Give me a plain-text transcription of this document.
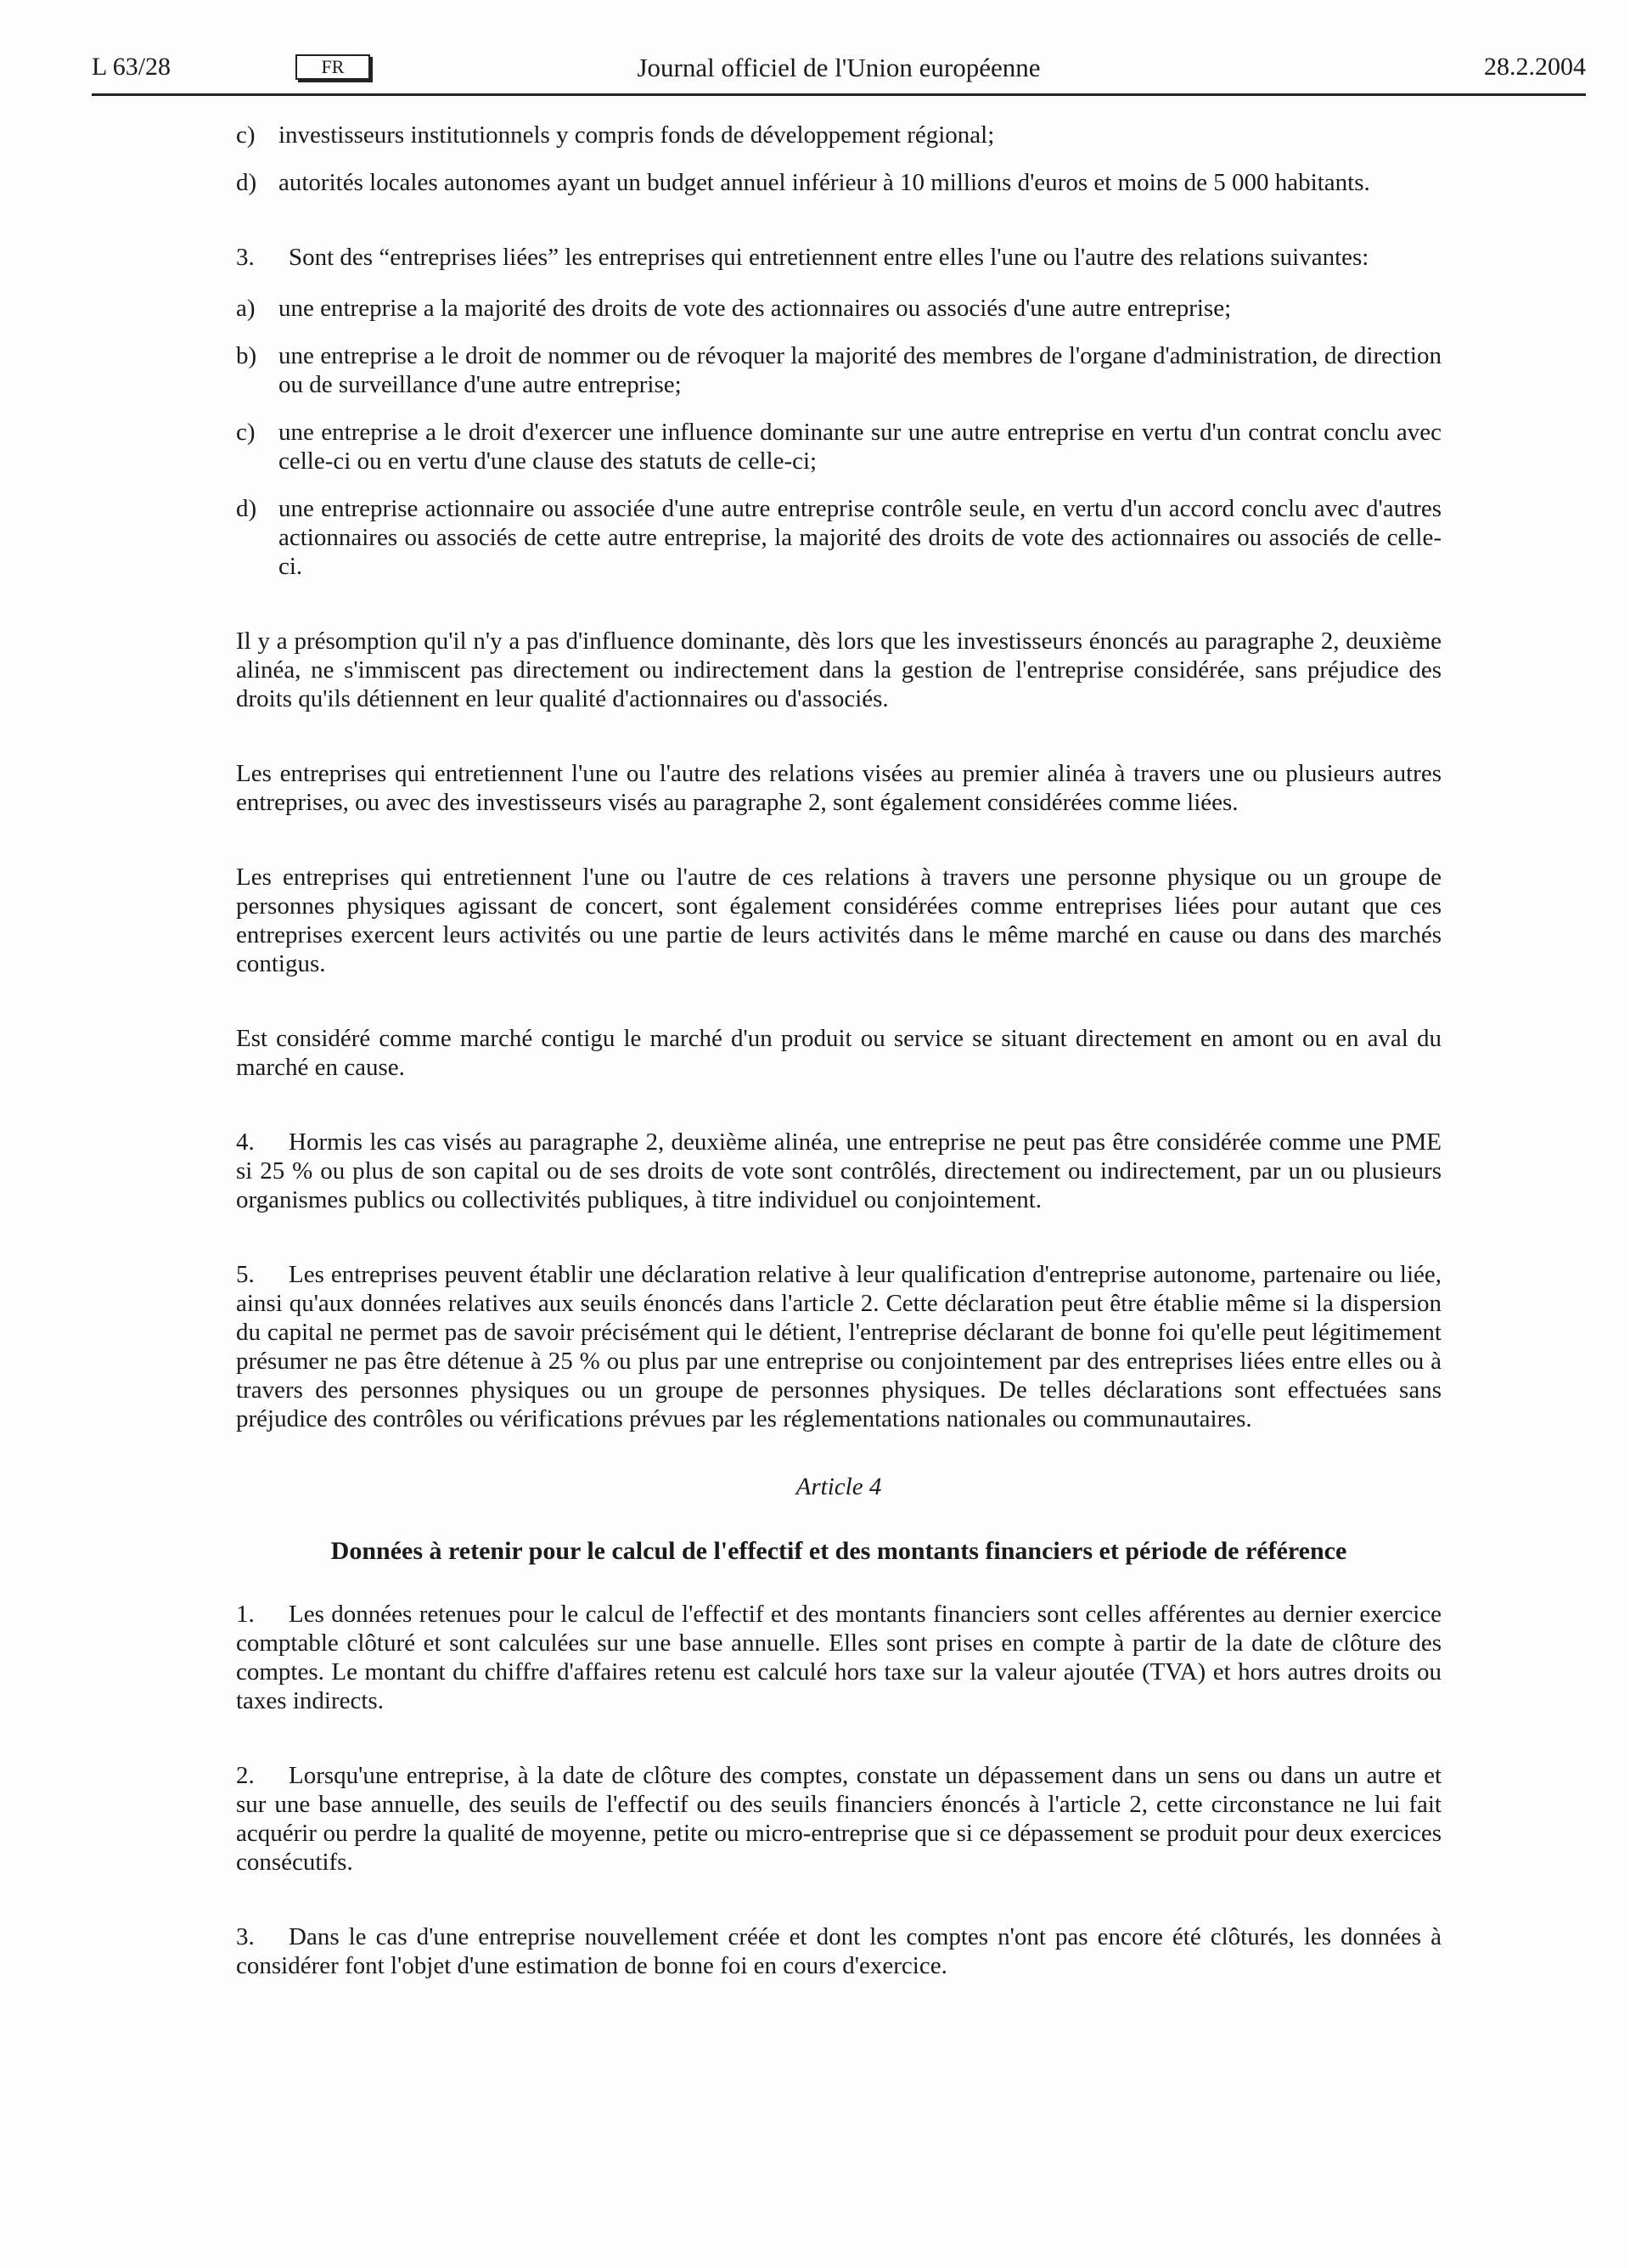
L 63/28	FR	Journal officiel de l'Union européenne	28.2.2004
c) investisseurs institutionnels y compris fonds de développement régional;
d) autorités locales autonomes ayant un budget annuel inférieur à 10 millions d'euros et moins de 5 000 habitants.

3. Sont des “entreprises liées” les entreprises qui entretiennent entre elles l'une ou l'autre des relations suivantes:

a) une entreprise a la majorité des droits de vote des actionnaires ou associés d'une autre entreprise;
b) une entreprise a le droit de nommer ou de révoquer la majorité des membres de l'organe d'administration, de direction ou de surveillance d'une autre entreprise;
c) une entreprise a le droit d'exercer une influence dominante sur une autre entreprise en vertu d'un contrat conclu avec celle-ci ou en vertu d'une clause des statuts de celle-ci;
d) une entreprise actionnaire ou associée d'une autre entreprise contrôle seule, en vertu d'un accord conclu avec d'autres actionnaires ou associés de cette autre entreprise, la majorité des droits de vote des actionnaires ou associés de celle-ci.

Il y a présomption qu'il n'y a pas d'influence dominante, dès lors que les investisseurs énoncés au paragraphe 2, deuxième alinéa, ne s'immiscent pas directement ou indirectement dans la gestion de l'entreprise considérée, sans préjudice des droits qu'ils détiennent en leur qualité d'actionnaires ou d'associés.

Les entreprises qui entretiennent l'une ou l'autre des relations visées au premier alinéa à travers une ou plusieurs autres entreprises, ou avec des investisseurs visés au paragraphe 2, sont également considérées comme liées.

Les entreprises qui entretiennent l'une ou l'autre de ces relations à travers une personne physique ou un groupe de personnes physiques agissant de concert, sont également considérées comme entreprises liées pour autant que ces entreprises exercent leurs activités ou une partie de leurs activités dans le même marché en cause ou dans des marchés contigus.

Est considéré comme marché contigu le marché d'un produit ou service se situant directement en amont ou en aval du marché en cause.

4. Hormis les cas visés au paragraphe 2, deuxième alinéa, une entreprise ne peut pas être considérée comme une PME si 25 % ou plus de son capital ou de ses droits de vote sont contrôlés, directement ou indirectement, par un ou plusieurs organismes publics ou collectivités publiques, à titre individuel ou conjointement.

5. Les entreprises peuvent établir une déclaration relative à leur qualification d'entreprise autonome, partenaire ou liée, ainsi qu'aux données relatives aux seuils énoncés dans l'article 2. Cette déclaration peut être établie même si la dispersion du capital ne permet pas de savoir précisément qui le détient, l'entreprise déclarant de bonne foi qu'elle peut légitimement présumer ne pas être détenue à 25 % ou plus par une entreprise ou conjointement par des entreprises liées entre elles ou à travers des personnes physiques ou un groupe de personnes physiques. De telles déclarations sont effectuées sans préjudice des contrôles ou vérifications prévues par les réglementations nationales ou communautaires.

Article 4
Données à retenir pour le calcul de l'effectif et des montants financiers et période de référence

1. Les données retenues pour le calcul de l'effectif et des montants financiers sont celles afférentes au dernier exercice comptable clôturé et sont calculées sur une base annuelle. Elles sont prises en compte à partir de la date de clôture des comptes. Le montant du chiffre d'affaires retenu est calculé hors taxe sur la valeur ajoutée (TVA) et hors autres droits ou taxes indirects.

2. Lorsqu'une entreprise, à la date de clôture des comptes, constate un dépassement dans un sens ou dans un autre et sur une base annuelle, des seuils de l'effectif ou des seuils financiers énoncés à l'article 2, cette circonstance ne lui fait acquérir ou perdre la qualité de moyenne, petite ou micro-entreprise que si ce dépassement se produit pour deux exercices consécutifs.

3. Dans le cas d'une entreprise nouvellement créée et dont les comptes n'ont pas encore été clôturés, les données à considérer font l'objet d'une estimation de bonne foi en cours d'exercice.
